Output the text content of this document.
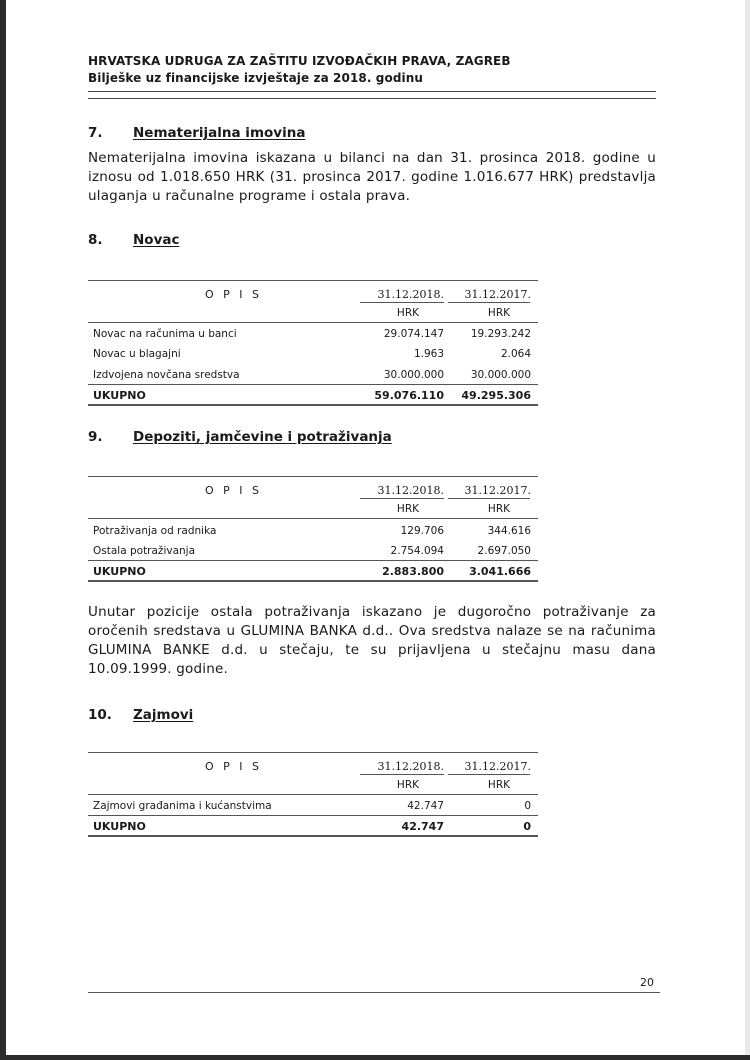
HRVATSKA UDRUGA ZA ZAŠTITU IZVOĐAČKIH PRAVA, ZAGREB
Bilješke uz financijske izvještaje za 2018. godinu
7. Nematerijalna imovina
Nematerijalna imovina iskazana u bilanci na dan 31. prosinca 2018. godine u iznosu od 1.018.650 HRK (31. prosinca 2017. godine 1.016.677 HRK) predstavlja ulaganja u računalne programe i ostala prava.
8. Novac
O P I S	31.12.2018. 31.12.2017.
HRK	HRK
Novac na računima u banci	29.074.147	19.293.242
Novac u blagajni	1.963	2.064
Izdvojena novčana sredstva	30.000.000	30.000.000
UKUPNO	59.076.110 49.295.306
9. Depoziti, jamčevine i potraživanja
O P I S	31.12.2018. 31.12.2017.
HRK	HRK
Potraživanja od radnika	129.706	344.616
Ostala potraživanja	2.754.094	2.697.050
UKUPNO	2.883.800 3.041.666
Unutar pozicije ostala potraživanja iskazano je dugoročno potraživanje za oročenih sredstava u GLUMINA BANKA d.d.. Ova sredstva nalaze se na računima GLUMINA BANKE d.d. u stečaju, te su prijavljena u stečajnu masu dana 10.09.1999. godine.
10. Zajmovi
O P I S	31.12.2018. 31.12.2017.
HRK	HRK
Zajmovi građanima i kućanstvima	42.747	0
UKUPNO	42.747	0
20
